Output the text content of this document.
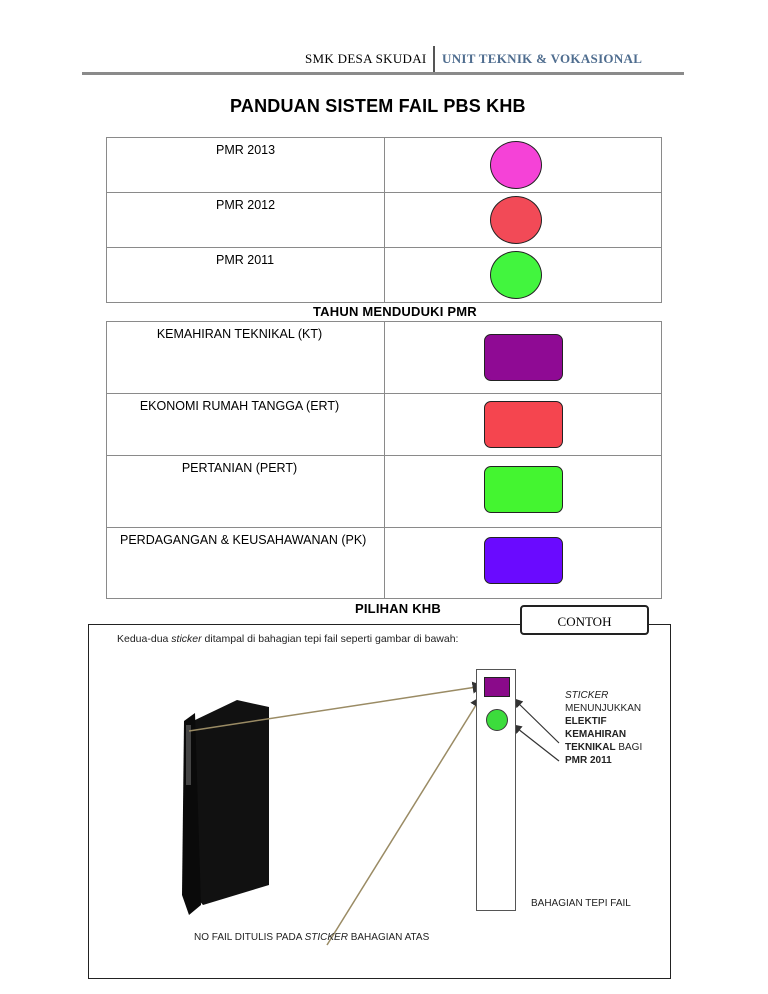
SMK DESA SKUDAI UNIT TEKNIK & VOKASIONAL
PANDUAN SISTEM FAIL PBS KHB
PMR 2013	

PMR 2012	

PMR 2011	

TAHUN MENDUDUKI PMR
KEMAHIRAN TEKNIKAL (KT)	

EKONOMI RUMAH TANGGA (ERT)	

PERTANIAN (PERT)	

PERDAGANGAN & KEUSAHAWANAN (PK)	

PILIHAN KHB
CONTOH
Kedua-dua sticker ditampal di bahagian tepi fail seperti gambar di bawah:
STICKER
MENUNJUKKAN
ELEKTIF
KEMAHIRAN
TEKNIKAL BAGI
PMR 2011
BAHAGIAN TEPI FAIL
NO FAIL DITULIS PADA STICKER BAHAGIAN ATAS
